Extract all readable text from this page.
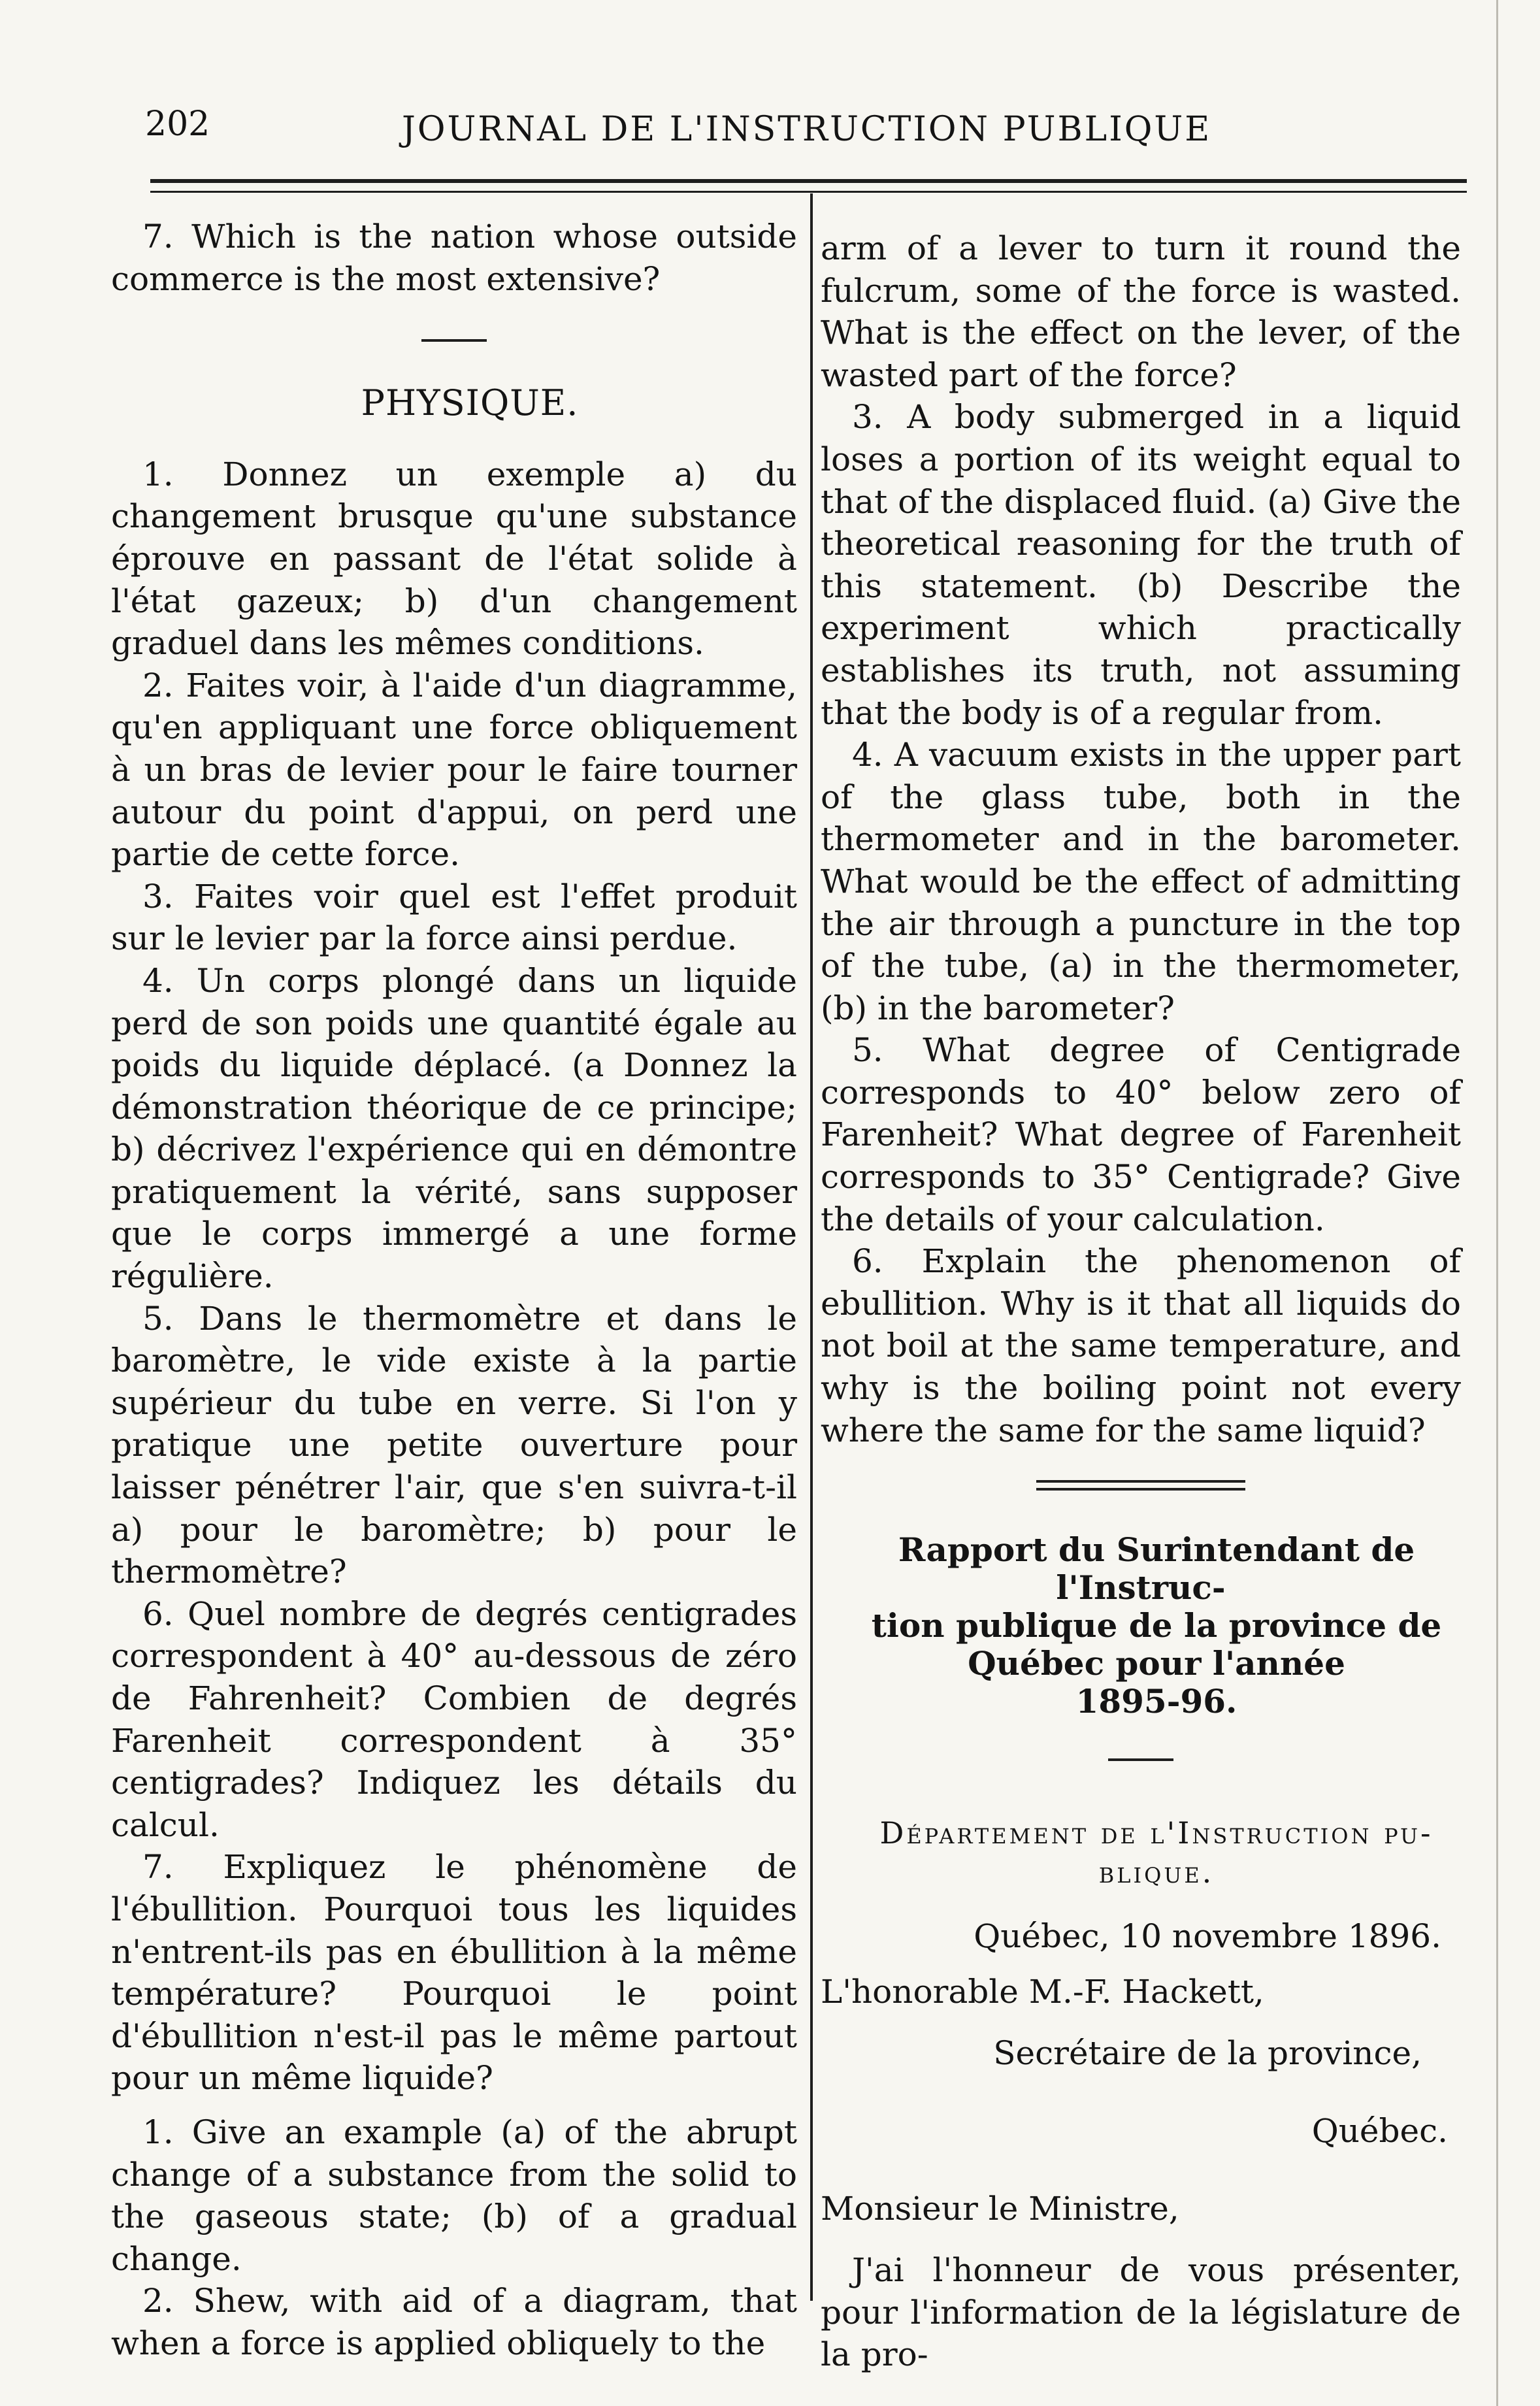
202	JOURNAL DE L'INSTRUCTION PUBLIQUE

7. Which is the nation whose outside commerce is the most extensive?

PHYSIQUE.

1. Donnez un exemple a) du changement brusque qu'une substance éprouve en passant de l'état solide à l'état gazeux; b) d'un changement graduel dans les mêmes conditions.

2. Faites voir, à l'aide d'un diagramme, qu'en appliquant une force obliquement à un bras de levier pour le faire tourner autour du point d'appui, on perd une partie de cette force.

3. Faites voir quel est l'effet produit sur le levier par la force ainsi perdue.

4. Un corps plongé dans un liquide perd de son poids une quantité égale au poids du liquide déplacé. (a Donnez la démonstration théorique de ce principe; b) décrivez l'expérience qui en démontre pratiquement la vérité, sans supposer que le corps immergé a une forme régulière.

5. Dans le thermomètre et dans le baromètre, le vide existe à la partie supérieur du tube en verre. Si l'on y pratique une petite ouverture pour laisser pénétrer l'air, que s'en suivra-t-il a) pour le baromètre; b) pour le thermomètre?

6. Quel nombre de degrés centigrades correspondent à 40° au-dessous de zéro de Fahrenheit? Combien de degrés Farenheit correspondent à 35° centigrades? Indiquez les détails du calcul.

7. Expliquez le phénomène de l'ébullition. Pourquoi tous les liquides n'entrent-ils pas en ébullition à la même température? Pourquoi le point d'ébullition n'est-il pas le même partout pour un même liquide?

1. Give an example (a) of the abrupt change of a substance from the solid to the gaseous state; (b) of a gradual change.

2. Shew, with aid of a diagram, that when a force is applied obliquely to the

arm of a lever to turn it round the fulcrum, some of the force is wasted. What is the effect on the lever, of the wasted part of the force?

3. A body submerged in a liquid loses a portion of its weight equal to that of the displaced fluid. (a) Give the theoretical reasoning for the truth of this statement. (b) Describe the experiment which practically establishes its truth, not assuming that the body is of a regular from.

4. A vacuum exists in the upper part of the glass tube, both in the thermometer and in the barometer. What would be the effect of admitting the air through a puncture in the top of the tube, (a) in the thermometer, (b) in the barometer?

5. What degree of Centigrade corresponds to 40° below zero of Farenheit? What degree of Farenheit corresponds to 35° Centigrade? Give the details of your calculation.

6. Explain the phenomenon of ebullition. Why is it that all liquids do not boil at the same temperature, and why is the boiling point not every where the same for the same liquid?

Rapport du Surintendant de l'Instruc-

tion publique de la province de

Québec pour l'année

1895-96.

Département de l'Instruction pu-

blique.

Québec, 10 novembre 1896.

L'honorable M.-F. Hackett,

Secrétaire de la province,

Québec.

Monsieur le Ministre,

J'ai l'honneur de vous présenter, pour l'information de la législature de la pro-
